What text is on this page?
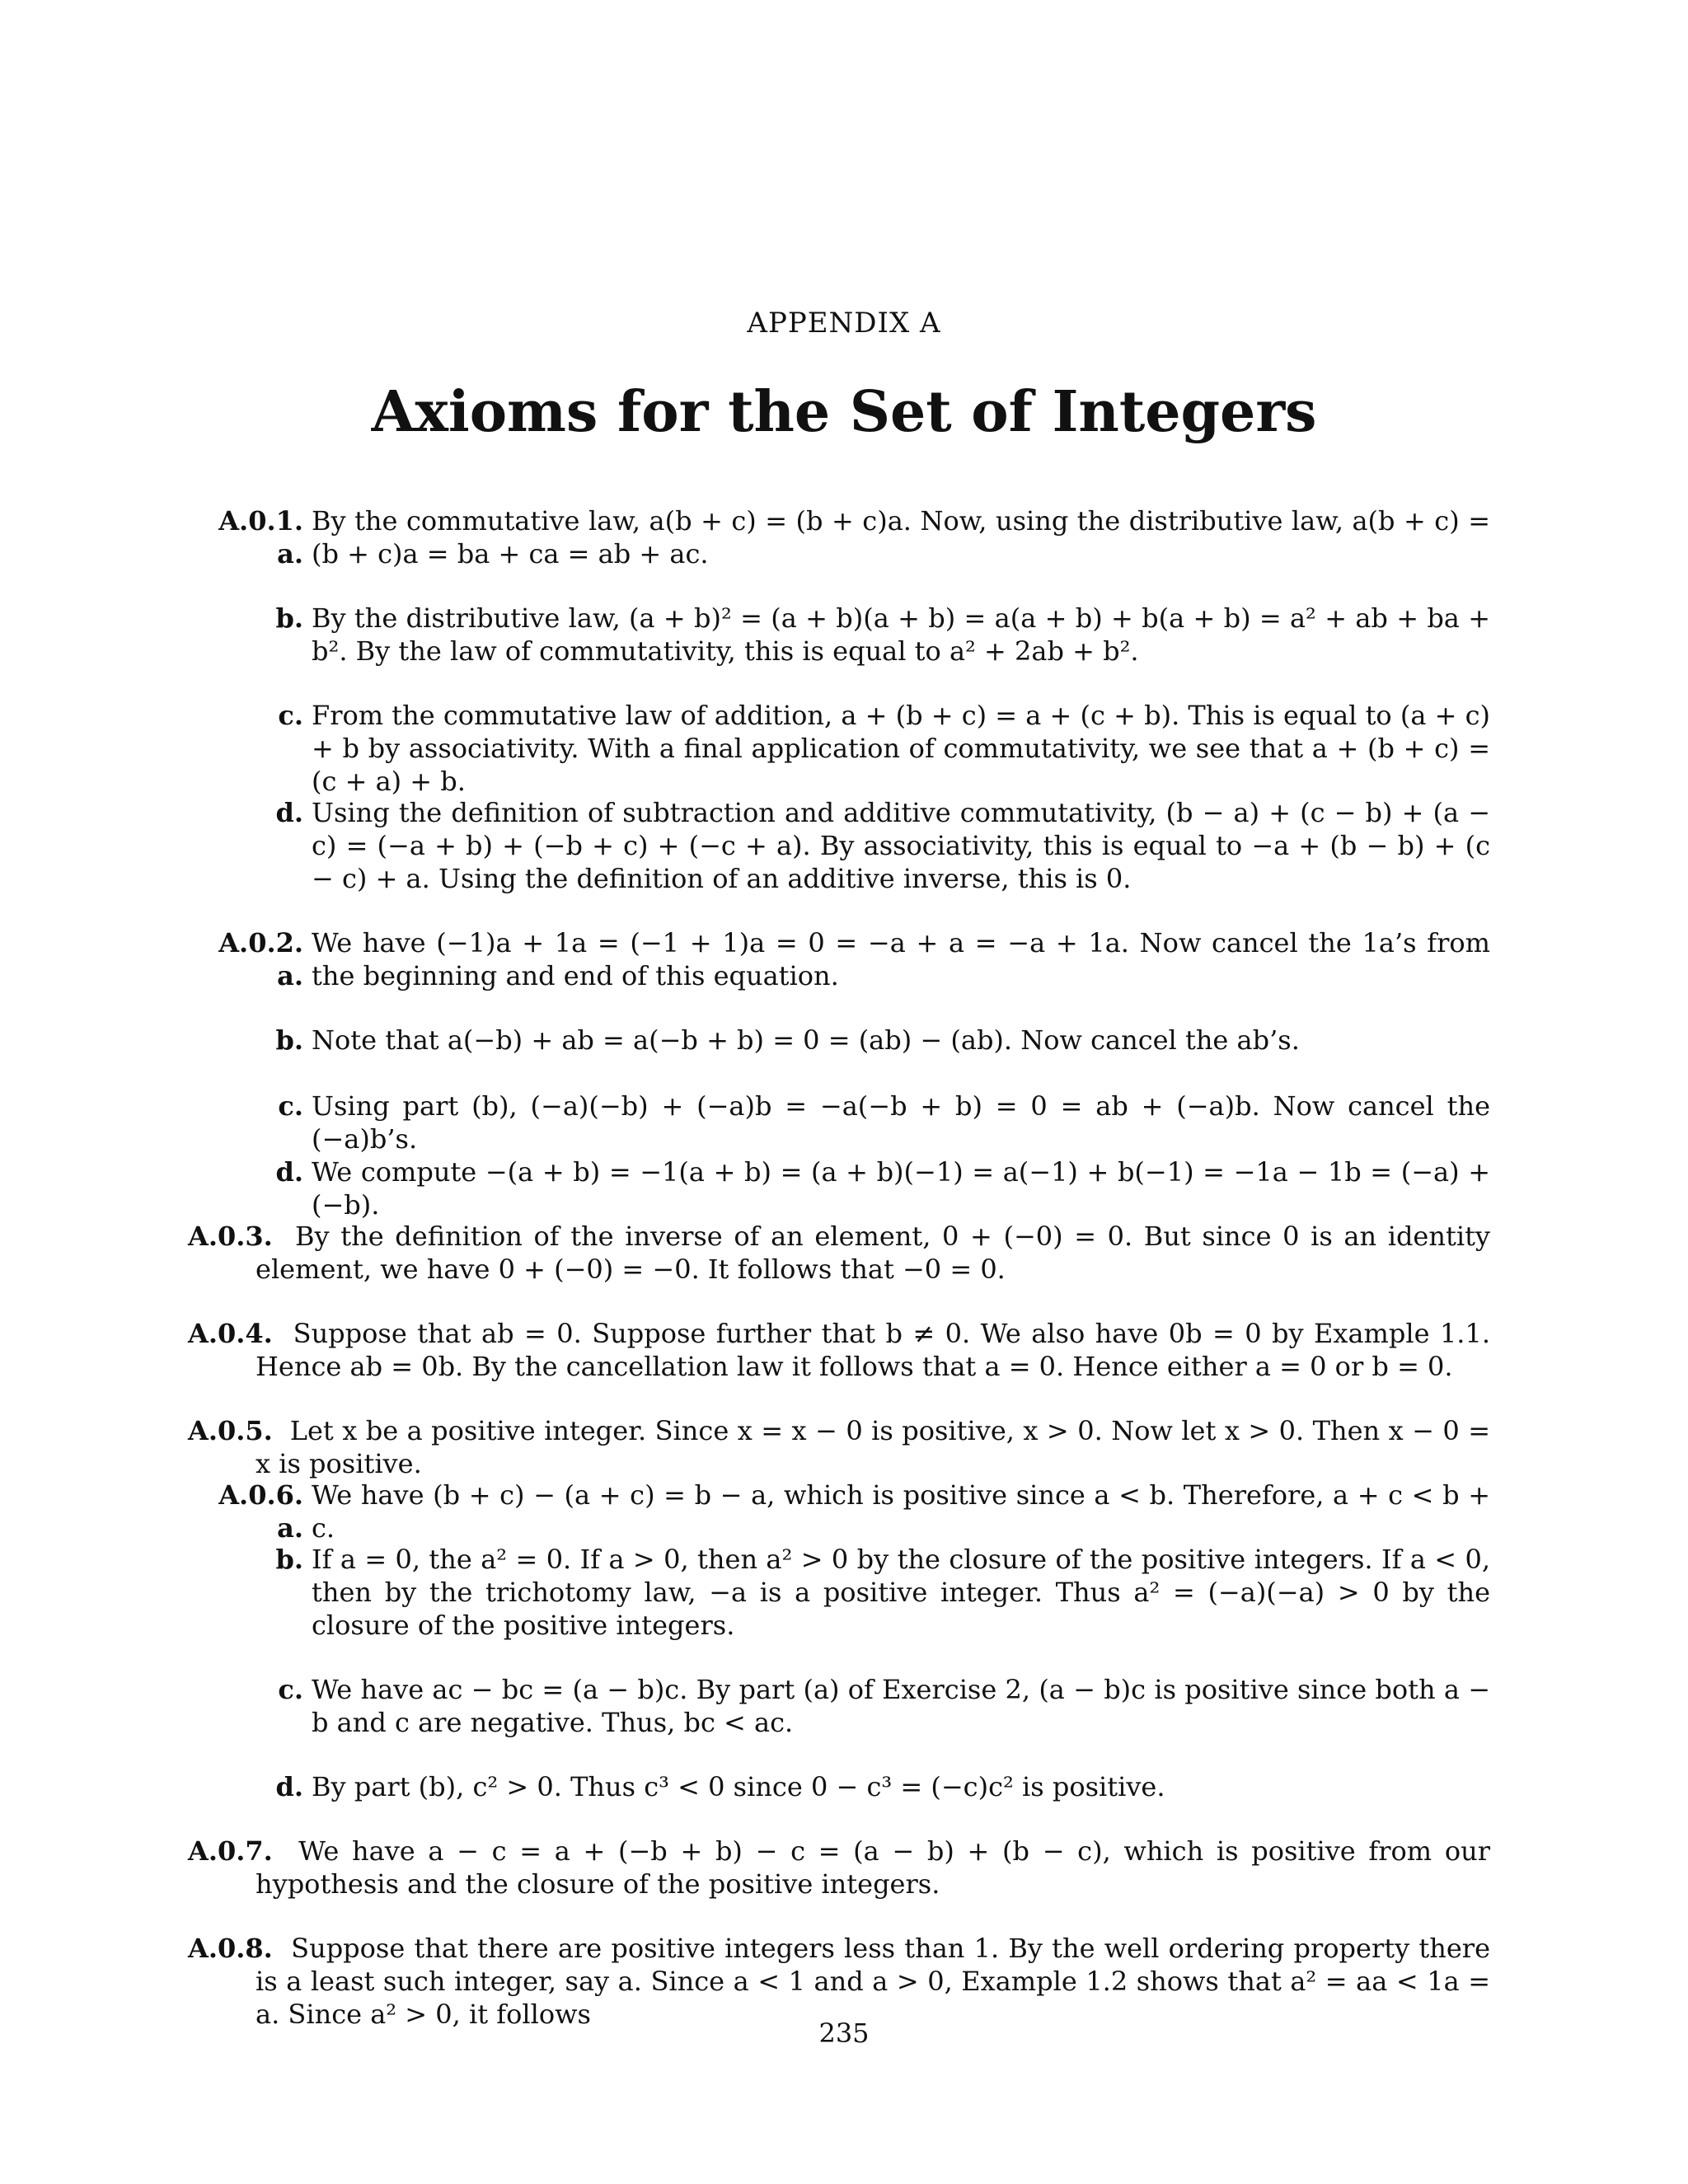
APPENDIX A
Axioms for the Set of Integers
A.0.1. a.
By the commutative law, a(b + c) = (b + c)a. Now, using the distributive law, a(b + c) = (b + c)a = ba + ca = ab + ac.
b. By the distributive law, (a + b)² = (a + b)(a + b) = a(a + b) + b(a + b) = a² + ab + ba + b². By the law of commutativity, this is equal to a² + 2ab + b².
c. From the commutative law of addition, a + (b + c) = a + (c + b). This is equal to (a + c) + b by associativity. With a final application of commutativity, we see that a + (b + c) = (c + a) + b.
d. Using the definition of subtraction and additive commutativity, (b − a) + (c − b) + (a − c) = (−a + b) + (−b + c) + (−c + a). By associativity, this is equal to −a + (b − b) + (c − c) + a. Using the definition of an additive inverse, this is 0.
A.0.2. a.
We have (−1)a + 1a = (−1 + 1)a = 0 = −a + a = −a + 1a. Now cancel the 1a’s from the beginning and end of this equation.
b. Note that a(−b) + ab = a(−b + b) = 0 = (ab) − (ab). Now cancel the ab’s.
c. Using part (b), (−a)(−b) + (−a)b = −a(−b + b) = 0 = ab + (−a)b. Now cancel the (−a)b’s.
d. We compute −(a + b) = −1(a + b) = (a + b)(−1) = a(−1) + b(−1) = −1a − 1b = (−a) + (−b).
A.0.3. By the definition of the inverse of an element, 0 + (−0) = 0. But since 0 is an identity element, we have 0 + (−0) = −0. It follows that −0 = 0.
A.0.4. Suppose that ab = 0. Suppose further that b ≠ 0. We also have 0b = 0 by Example 1.1. Hence ab = 0b. By the cancellation law it follows that a = 0. Hence either a = 0 or b = 0.
A.0.5. Let x be a positive integer. Since x = x − 0 is positive, x > 0. Now let x > 0. Then x − 0 = x is positive.
A.0.6. a.
We have (b + c) − (a + c) = b − a, which is positive since a < b. Therefore, a + c < b + c.
b. If a = 0, the a² = 0. If a > 0, then a² > 0 by the closure of the positive integers. If a < 0, then by the trichotomy law, −a is a positive integer. Thus a² = (−a)(−a) > 0 by the closure of the positive integers.
c. We have ac − bc = (a − b)c. By part (a) of Exercise 2, (a − b)c is positive since both a − b and c are negative. Thus, bc < ac.
d. By part (b), c² > 0. Thus c³ < 0 since 0 − c³ = (−c)c² is positive.
A.0.7. We have a − c = a + (−b + b) − c = (a − b) + (b − c), which is positive from our hypothesis and the closure of the positive integers.
A.0.8. Suppose that there are positive integers less than 1. By the well ordering property there is a least such integer, say a. Since a < 1 and a > 0, Example 1.2 shows that a² = aa < 1a = a. Since a² > 0, it follows
235
